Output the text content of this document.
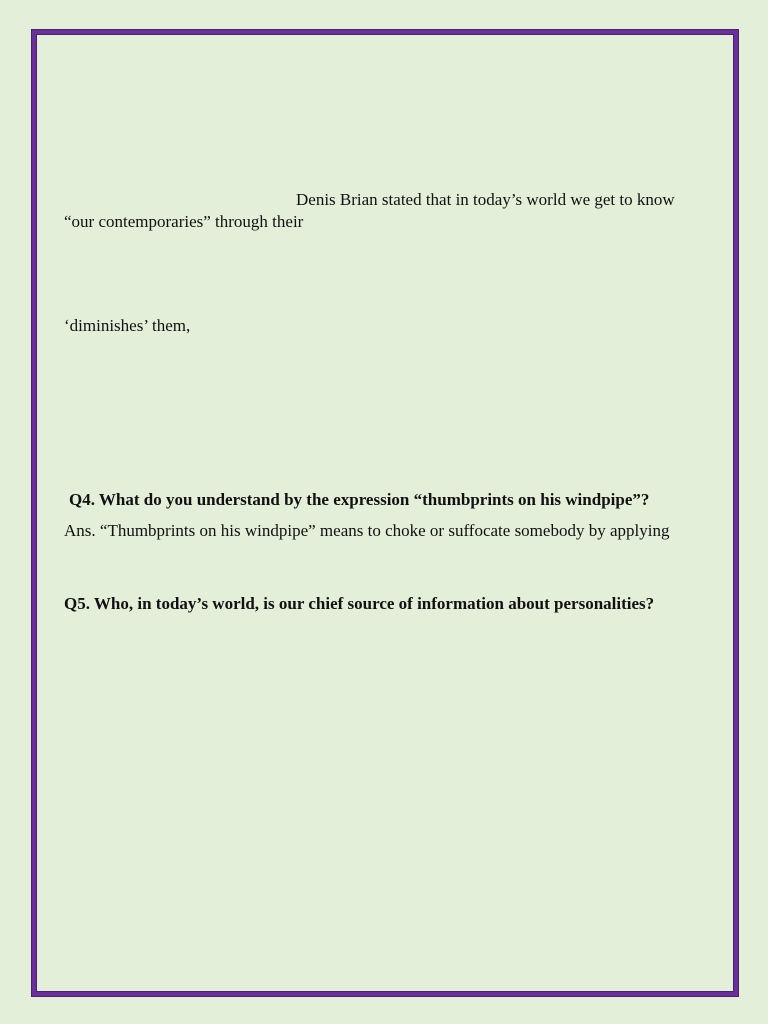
Denis Brian stated that in today’s world we get to know
“our contemporaries” through their
‘diminishes’ them,
Q4. What do you understand by the expression “thumbprints on his windpipe”?
Ans. “Thumbprints on his windpipe” means to choke or suffocate somebody by applying
Q5. Who, in today’s world, is our chief source of information about personalities?
